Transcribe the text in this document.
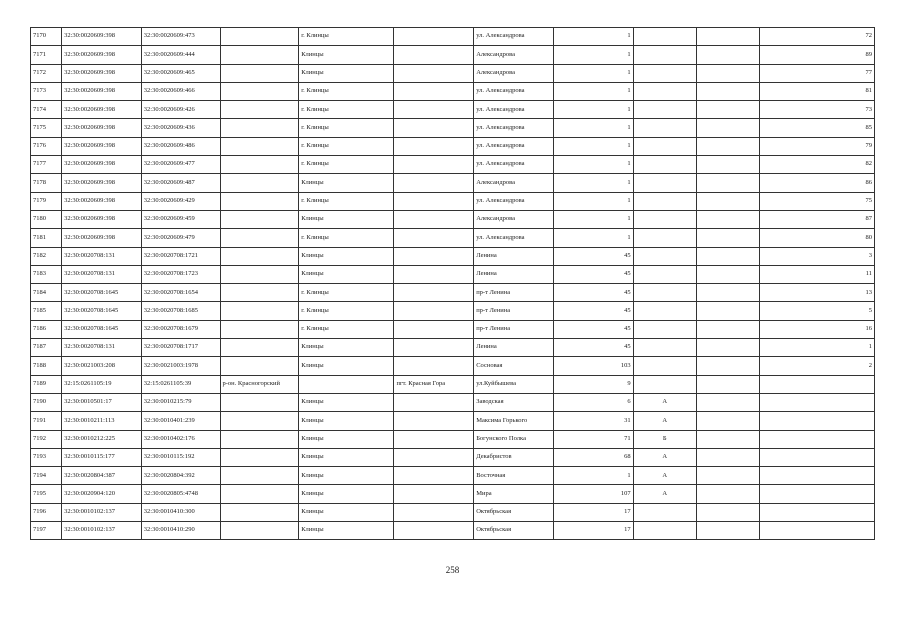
7170	32:30:0020609:398	32:30:0020609:473		г. Клинцы		ул. Александрова	1			72
7171	32:30:0020609:398	32:30:0020609:444		Клинцы		Александрова	1			89
7172	32:30:0020609:398	32:30:0020609:465		Клинцы		Александрова	1			77
7173	32:30:0020609:398	32:30:0020609:466		г. Клинцы		ул. Александрова	1			81
7174	32:30:0020609:398	32:30:0020609:426		г. Клинцы		ул. Александрова	1			73
7175	32:30:0020609:398	32:30:0020609:436		г. Клинцы		ул. Александрова	1			85
7176	32:30:0020609:398	32:30:0020609:486		г. Клинцы		ул. Александрова	1			79
7177	32:30:0020609:398	32:30:0020609:477		г. Клинцы		ул. Александрова	1			82
7178	32:30:0020609:398	32:30:0020609:487		Клинцы		Александрова	1			86
7179	32:30:0020609:398	32:30:0020609:429		г. Клинцы		ул. Александрова	1			75
7180	32:30:0020609:398	32:30:0020609:459		Клинцы		Александрова	1			87
7181	32:30:0020609:398	32:30:0020609:479		г. Клинцы		ул. Александрова	1			80
7182	32:30:0020708:131	32:30:0020708:1721		Клинцы		Ленина	45			3
7183	32:30:0020708:131	32:30:0020708:1723		Клинцы		Ленина	45			11
7184	32:30:0020708:1645	32:30:0020708:1654		г. Клинцы		пр-т Ленина	45			13
7185	32:30:0020708:1645	32:30:0020708:1685		г. Клинцы		пр-т Ленина	45			5
7186	32:30:0020708:1645	32:30:0020708:1679		г. Клинцы		пр-т Ленина	45			16
7187	32:30:0020708:131	32:30:0020708:1717		Клинцы		Ленина	45			1
7188	32:30:0021003:208	32:30:0021003:1978		Клинцы		Сосновая	103			2
7189	32:15:0261105:19	32:15:0261105:39	р-он. Красногорский		пгт. Красная Гора	ул.Куйбышева	9			
7190	32:30:0010501:17	32:30:0010215:79		Клинцы		Заводская	6	А		
7191	32:30:0010211:113	32:30:0010401:239		Клинцы		Максима Горького	31	А		
7192	32:30:0010212:225	32:30:0010402:176		Клинцы		Богунского Полка	71	Б		
7193	32:30:0010115:177	32:30:0010115:192		Клинцы		Декабристов	68	А		
7194	32:30:0020804:387	32:30:0020804:392		Клинцы		Восточная	1	А		
7195	32:30:0020904:120	32:30:0020805:4748		Клинцы		Мира	107	А		
7196	32:30:0010102:137	32:30:0010410:300		Клинцы		Октябрьская	17			
7197	32:30:0010102:137	32:30:0010410:290		Клинцы		Октябрьская	17			
258
